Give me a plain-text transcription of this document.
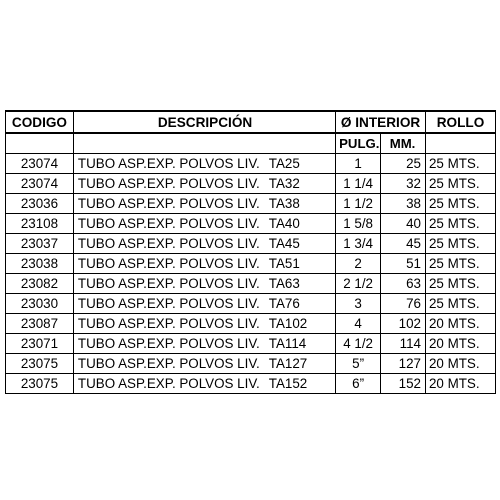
CODIGO	DESCRIPCIÓN	Ø INTERIOR		ROLLO
		PULG.	MM.	
23074	TUBO ASP.EXP. POLVOS LIV. TA25	1	25	25 MTS.
23074	TUBO ASP.EXP. POLVOS LIV. TA32	1 1/4	32	25 MTS.
23036	TUBO ASP.EXP. POLVOS LIV. TA38	1 1/2	38	25 MTS.
23108	TUBO ASP.EXP. POLVOS LIV. TA40	1 5/8	40	25 MTS.
23037	TUBO ASP.EXP. POLVOS LIV. TA45	1 3/4	45	25 MTS.
23038	TUBO ASP.EXP. POLVOS LIV. TA51	2	51	25 MTS.
23082	TUBO ASP.EXP. POLVOS LIV. TA63	2 1/2	63	25 MTS.
23030	TUBO ASP.EXP. POLVOS LIV. TA76	3	76	25 MTS.
23087	TUBO ASP.EXP. POLVOS LIV. TA102	4	102	20 MTS.
23071	TUBO ASP.EXP. POLVOS LIV. TA114	4 1/2	114	20 MTS.
23075	TUBO ASP.EXP. POLVOS LIV. TA127	5”	127	20 MTS.
23075	TUBO ASP.EXP. POLVOS LIV. TA152	6”	152	20 MTS.
